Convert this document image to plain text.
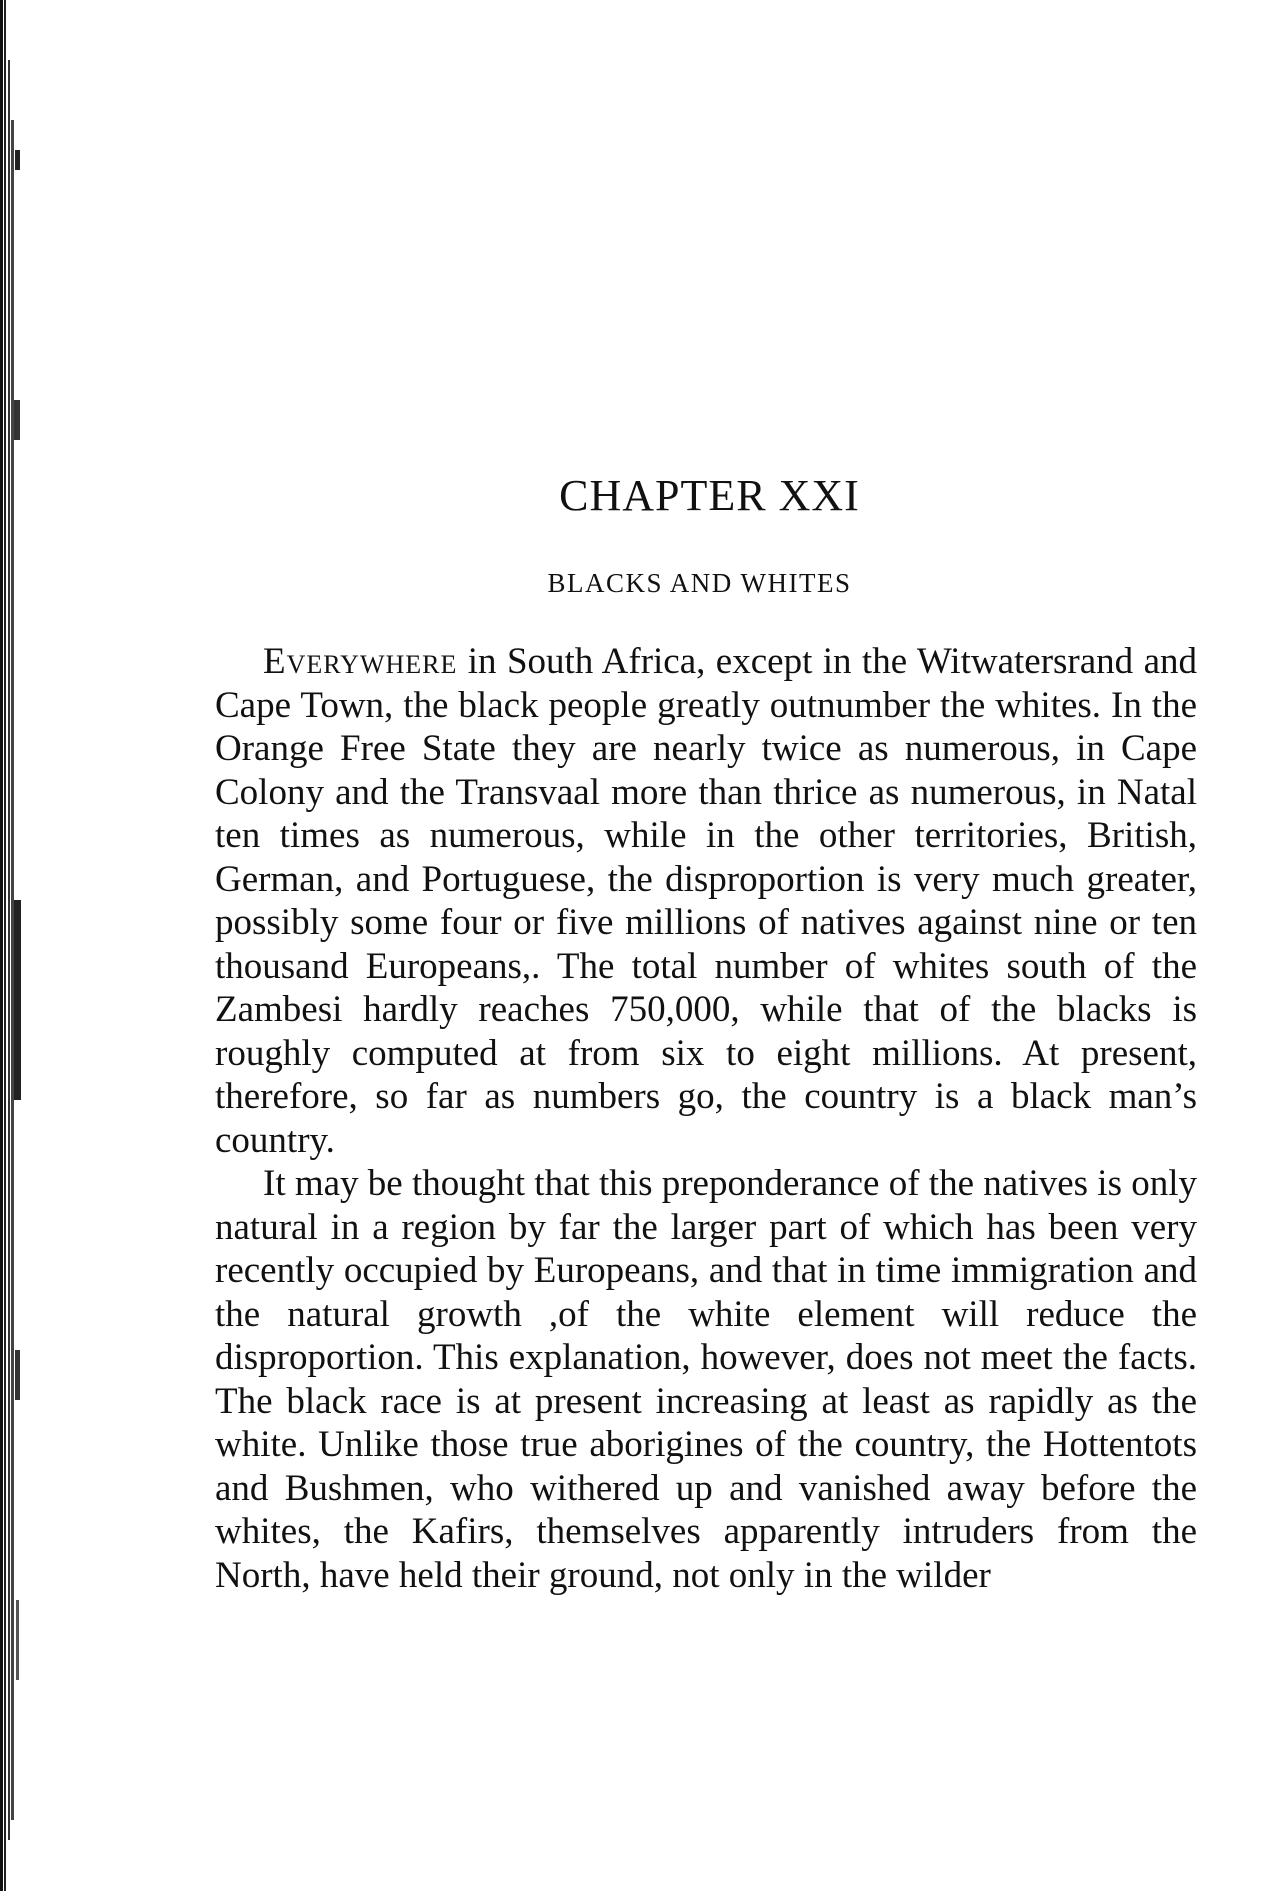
CHAPTER XXI
BLACKS AND WHITES

Everywhere in South Africa, except in the Witwatersrand and Cape Town, the black people greatly outnumber the whites. In the Orange Free State they are nearly twice as numerous, in Cape Colony and the Transvaal more than thrice as numerous, in Natal ten times as numerous, while in the other territories, British, German, and Portuguese, the disproportion is very much greater, possibly some four or five millions of natives against nine or ten thousand Europeans,. The total number of whites south of the Zambesi hardly reaches 750,000, while that of the blacks is roughly computed at from six to eight millions. At present, therefore, so far as numbers go, the country is a black man’s country.

It may be thought that this preponderance of the natives is only natural in a region by far the larger part of which has been very recently occupied by Europeans, and that in time immigration and the natural growth ,of the white element will reduce the disproportion. This explanation, however, does not meet the facts. The black race is at present increasing at least as rapidly as the white. Unlike those true aborigines of the country, the Hottentots and Bushmen, who withered up and vanished away before the whites, the Kafirs, themselves apparently intruders from the North, have held their ground, not only in the wilder
